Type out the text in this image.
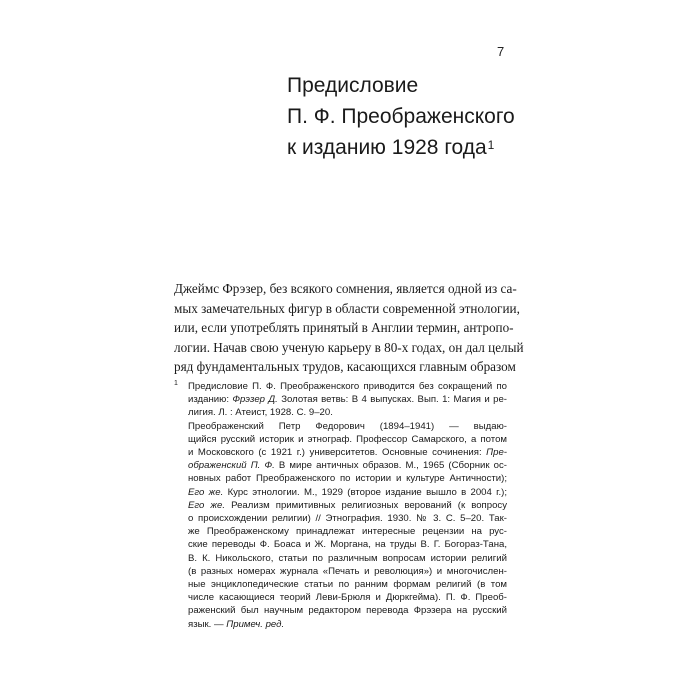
7
Предисловие
П. Ф. Преображенского
к изданию 1928 года$^1$
Джеймс Фрэзер, без всякого сомнения, является одной из са-
мых замечательных фигур в области современной этнологии,
или, если употреблять принятый в Англии термин, антропо-
логии. Начав свою ученую карьеру в 80-х годах, он дал целый
ряд фундаментальных трудов, касающихся главным образом
1 Предисловие П. Ф. Преображенского приводится без сокращений по
изданию: Фрэзер Д. Золотая ветвь: В 4 выпусках. Вып. 1: Магия и ре-
лигия. Л. : Атеист, 1928. С. 9–20.
Преображенский Петр Федорович (1894–1941) — выдаю-
щийся русский историк и этнограф. Профессор Самарского, а потом
и Московского (с 1921 г.) университетов. Основные сочинения: Пре-
ображенский П. Ф. В мире античных образов. М., 1965 (Сборник ос-
новных работ Преображенского по истории и культуре Античности);
Его же. Курс этнологии. М., 1929 (второе издание вышло в 2004 г.);
Его же. Реализм примитивных религиозных верований (к вопросу
о происхождении религии) // Этнография. 1930. № 3. С. 5–20. Так-
же Преображенскому принадлежат интересные рецензии на рус-
ские переводы Ф. Боаса и Ж. Моргана, на труды В. Г. Богораз-Тана,
В. К. Никольского, статьи по различным вопросам истории религий
(в разных номерах журнала «Печать и революция») и многочислен-
ные энциклопедические статьи по ранним формам религий (в том
числе касающиеся теорий Леви-Брюля и Дюркгейма). П. Ф. Преоб-
раженский был научным редактором перевода Фрэзера на русский
язык. — Примеч. ред.
